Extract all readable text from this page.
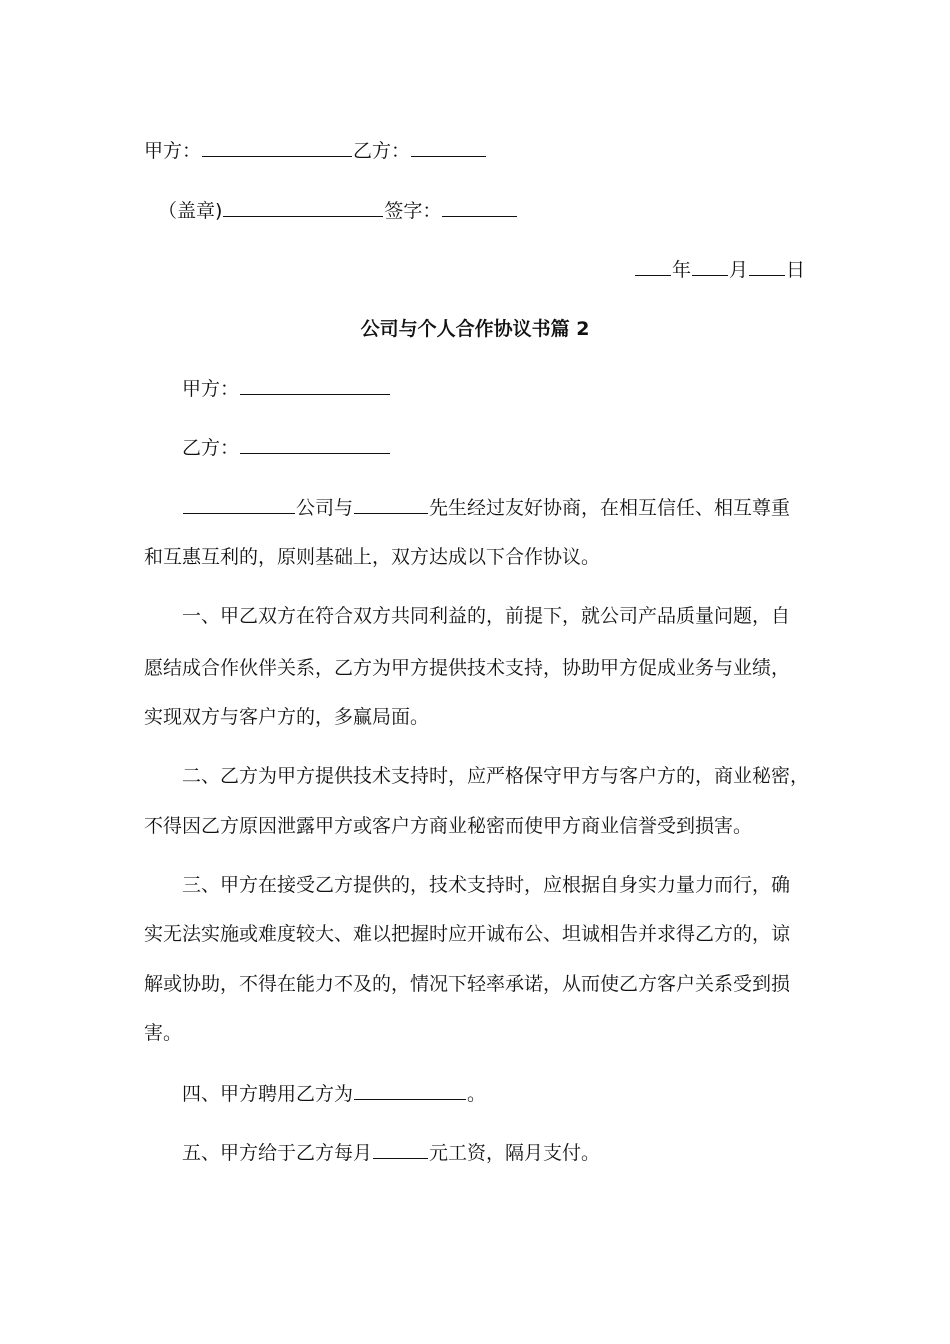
甲方：	乙方：
（盖章)	签字：
年 月 日
公司与个人合作协议书篇 2
甲方：
乙方：
公司与	先生经过友好协商，在相互信任、相互尊重
和互惠互利的，原则基础上，双方达成以下合作协议。
一、甲乙双方在符合双方共同利益的，前提下，就公司产品质量问题，自
愿结成合作伙伴关系，乙方为甲方提供技术支持，协助甲方促成业务与业绩，
实现双方与客户方的，多赢局面。
二、乙方为甲方提供技术支持时，应严格保守甲方与客户方的，商业秘密，
不得因乙方原因泄露甲方或客户方商业秘密而使甲方商业信誉受到损害。
三、甲方在接受乙方提供的，技术支持时，应根据自身实力量力而行，确
实无法实施或难度较大、难以把握时应开诚布公、坦诚相告并求得乙方的，谅
解或协助，不得在能力不及的，情况下轻率承诺，从而使乙方客户关系受到损
害。
四、甲方聘用乙方为	。
五、甲方给于乙方每月	元工资，隔月支付。
